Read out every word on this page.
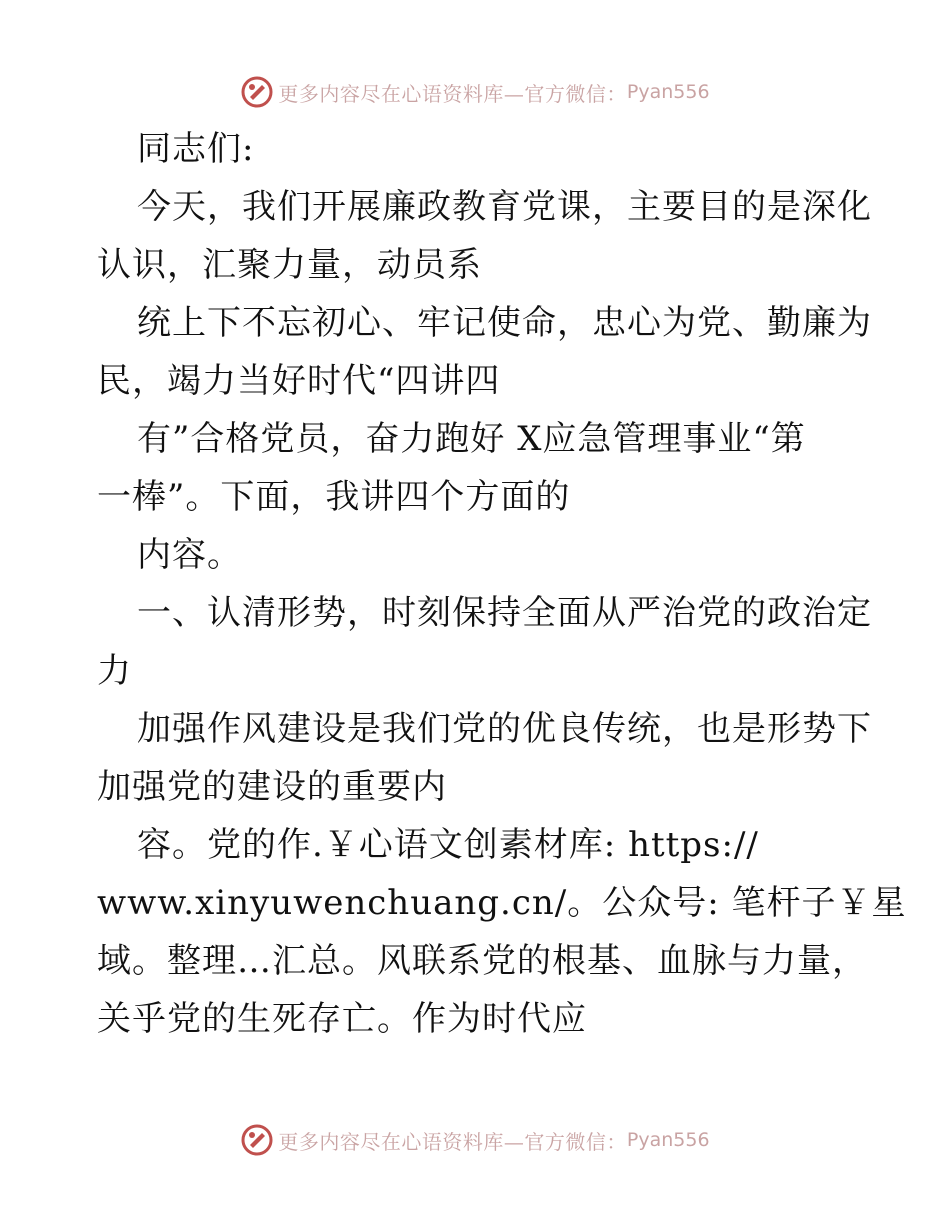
更多内容尽在心语资料库—官方微信： Pyan556
同志们:
今天，我们开展廉政教育党课，主要目的是深化
认识，汇聚力量，动员系
统上下不忘初心、牢记使命，忠心为党、勤廉为
民，竭力当好时代“四讲四
有”合格党员，奋力跑好 X应急管理事业“第
一棒”。下面，我讲四个方面的
内容。
一、认清形势，时刻保持全面从严治党的政治定
力
加强作风建设是我们党的优良传统，也是形势下
加强党的建设的重要内
容。党的作.￥心语文创素材库: https://
www.xinyuwenchuang.cn/。公众号: 笔杆子￥星
域。整理…汇总。风联系党的根基、血脉与力量，
关乎党的生死存亡。作为时代应
更多内容尽在心语资料库—官方微信： Pyan556
